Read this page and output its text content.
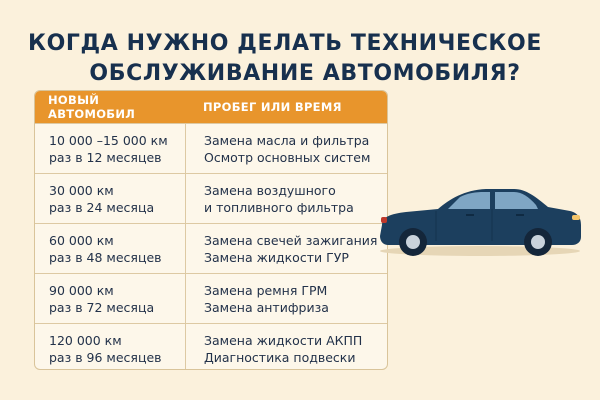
КОГДА НУЖНО ДЕЛАТЬ ТЕХНИЧЕСКОЕ
ОБСЛУЖИВАНИЕ АВТОМОБИЛЯ?
НОВЫЙ АВТОМОБИЛ	ПРОБЕГ ИЛИ ВРЕМЯ
10 000 –15 000 км
раз в 12 месяцев
Замена масла и фильтра
Осмотр основных систем
30 000 км
раз в 24 месяца
Замена воздушного
и топливного фильтра
60 000 км
раз в 48 месяцев
Замена свечей зажигания
Замена жидкости ГУР
90 000 км
раз в 72 месяца
Замена ремня ГРМ
Замена антифриза
120 000 км
раз в 96 месяцев
Замена жидкости АКПП
Диагностика подвески
